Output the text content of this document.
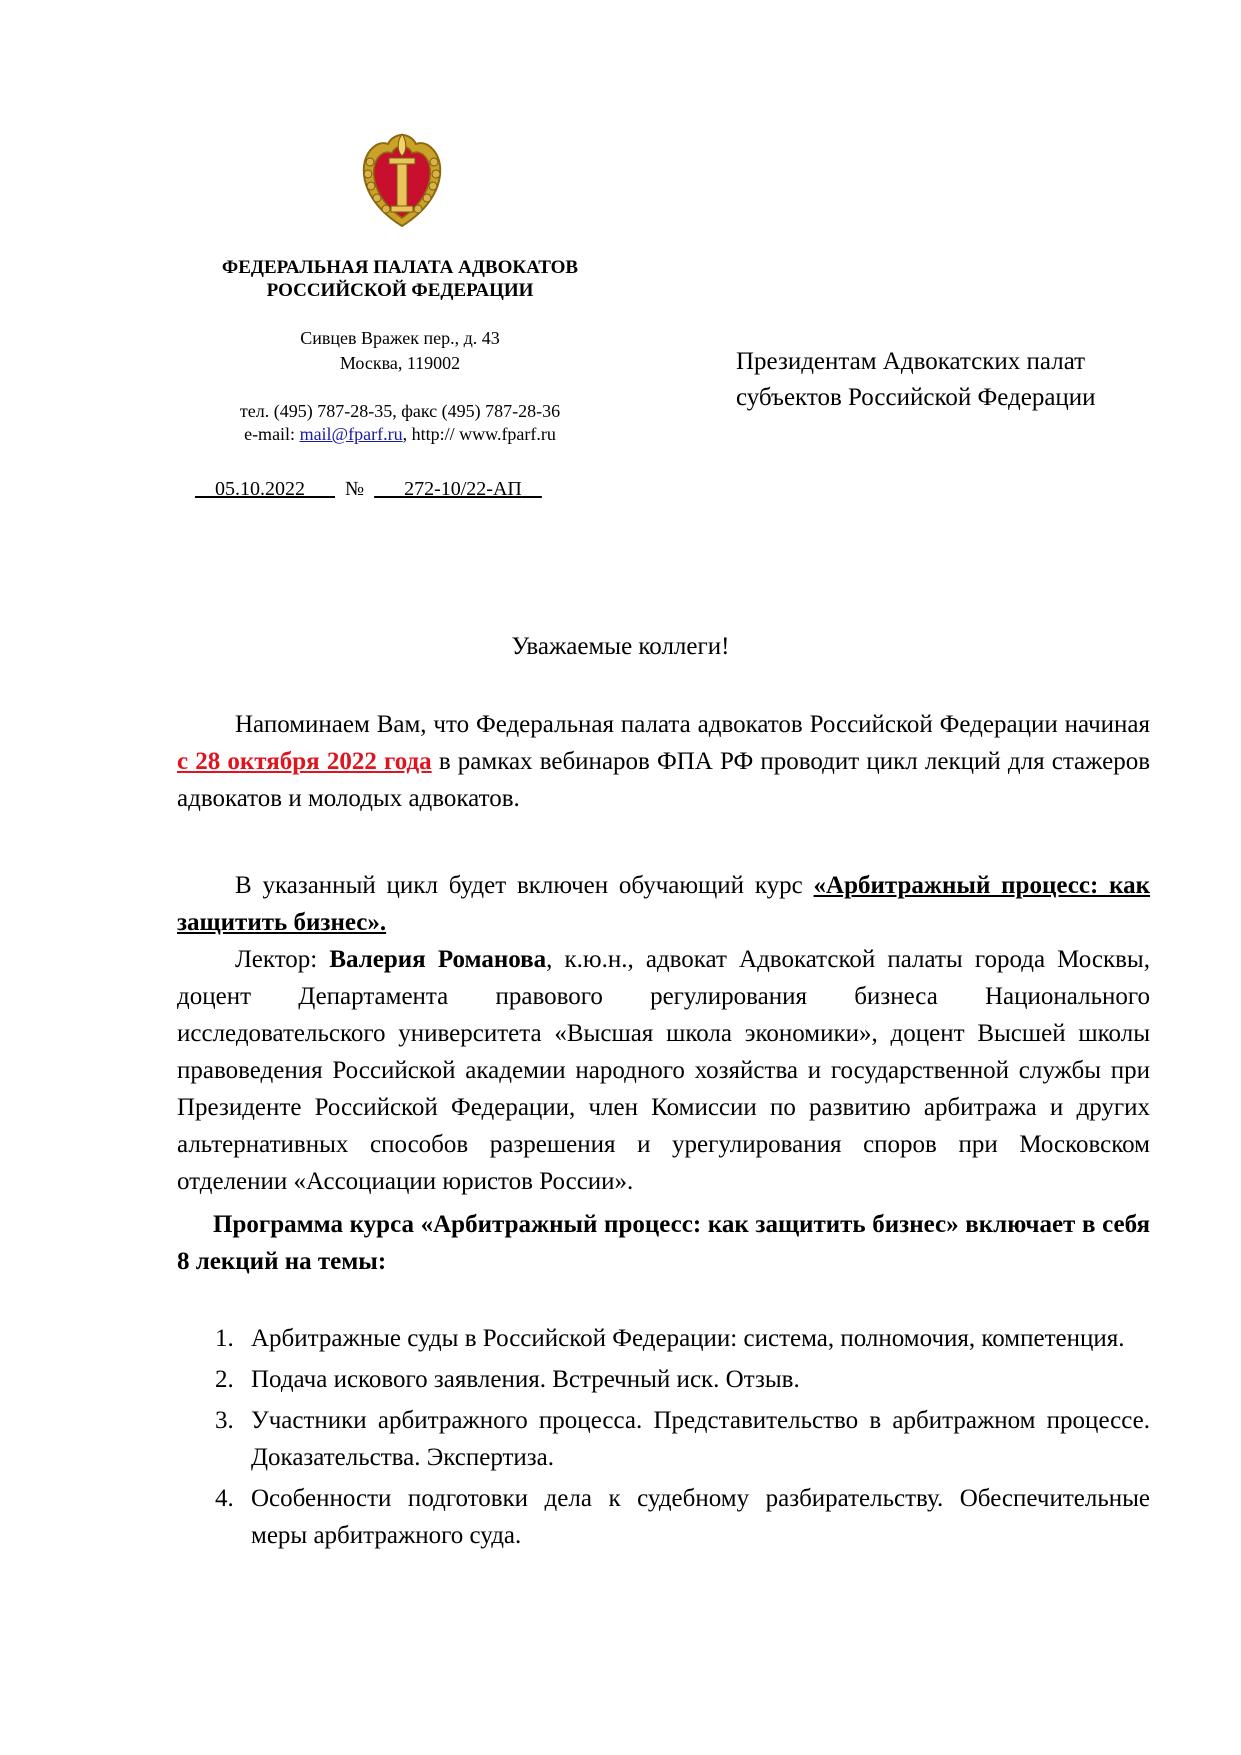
ФЕДЕРАЛЬНАЯ ПАЛАТА АДВОКАТОВ
РОССИЙСКОЙ ФЕДЕРАЦИИ
Сивцев Вражек пер., д. 43
Москва, 119002
тел. (495) 787-28-35, факс (495) 787-28-36
e-mail: mail@fparf.ru, http:// www.fparf.ru
05.10.2022 № 272-10/22-АП
Президентам Адвокатских палат
субъектов Российской Федерации
Уважаемые коллеги!

Напоминаем Вам, что Федеральная палата адвокатов Российской Федерации начиная с 28 октября 2022 года в рамках вебинаров ФПА РФ проводит цикл лекций для стажеров адвокатов и молодых адвокатов.

В указанный цикл будет включен обучающий курс «Арбитражный процесс: как защитить бизнес».

Лектор: Валерия Романова, к.ю.н., адвокат Адвокатской палаты города Москвы, доцент Департамента правового регулирования бизнеса Национального исследовательского университета «Высшая школа экономики», доцент Высшей школы правоведения Российской академии народного хозяйства и государственной службы при Президенте Российской Федерации, член Комиссии по развитию арбитража и других альтернативных способов разрешения и урегулирования споров при Московском отделении «Ассоциации юристов России».

Программа курса «Арбитражный процесс: как защитить бизнес» включает в себя 8 лекций на темы:

1. Арбитражные суды в Российской Федерации: система, полномочия, компетенция.
2. Подача искового заявления. Встречный иск. Отзыв.
3. Участники арбитражного процесса. Представительство в арбитражном процессе. Доказательства. Экспертиза.
4. Особенности подготовки дела к судебному разбирательству. Обеспечительные меры арбитражного суда.
